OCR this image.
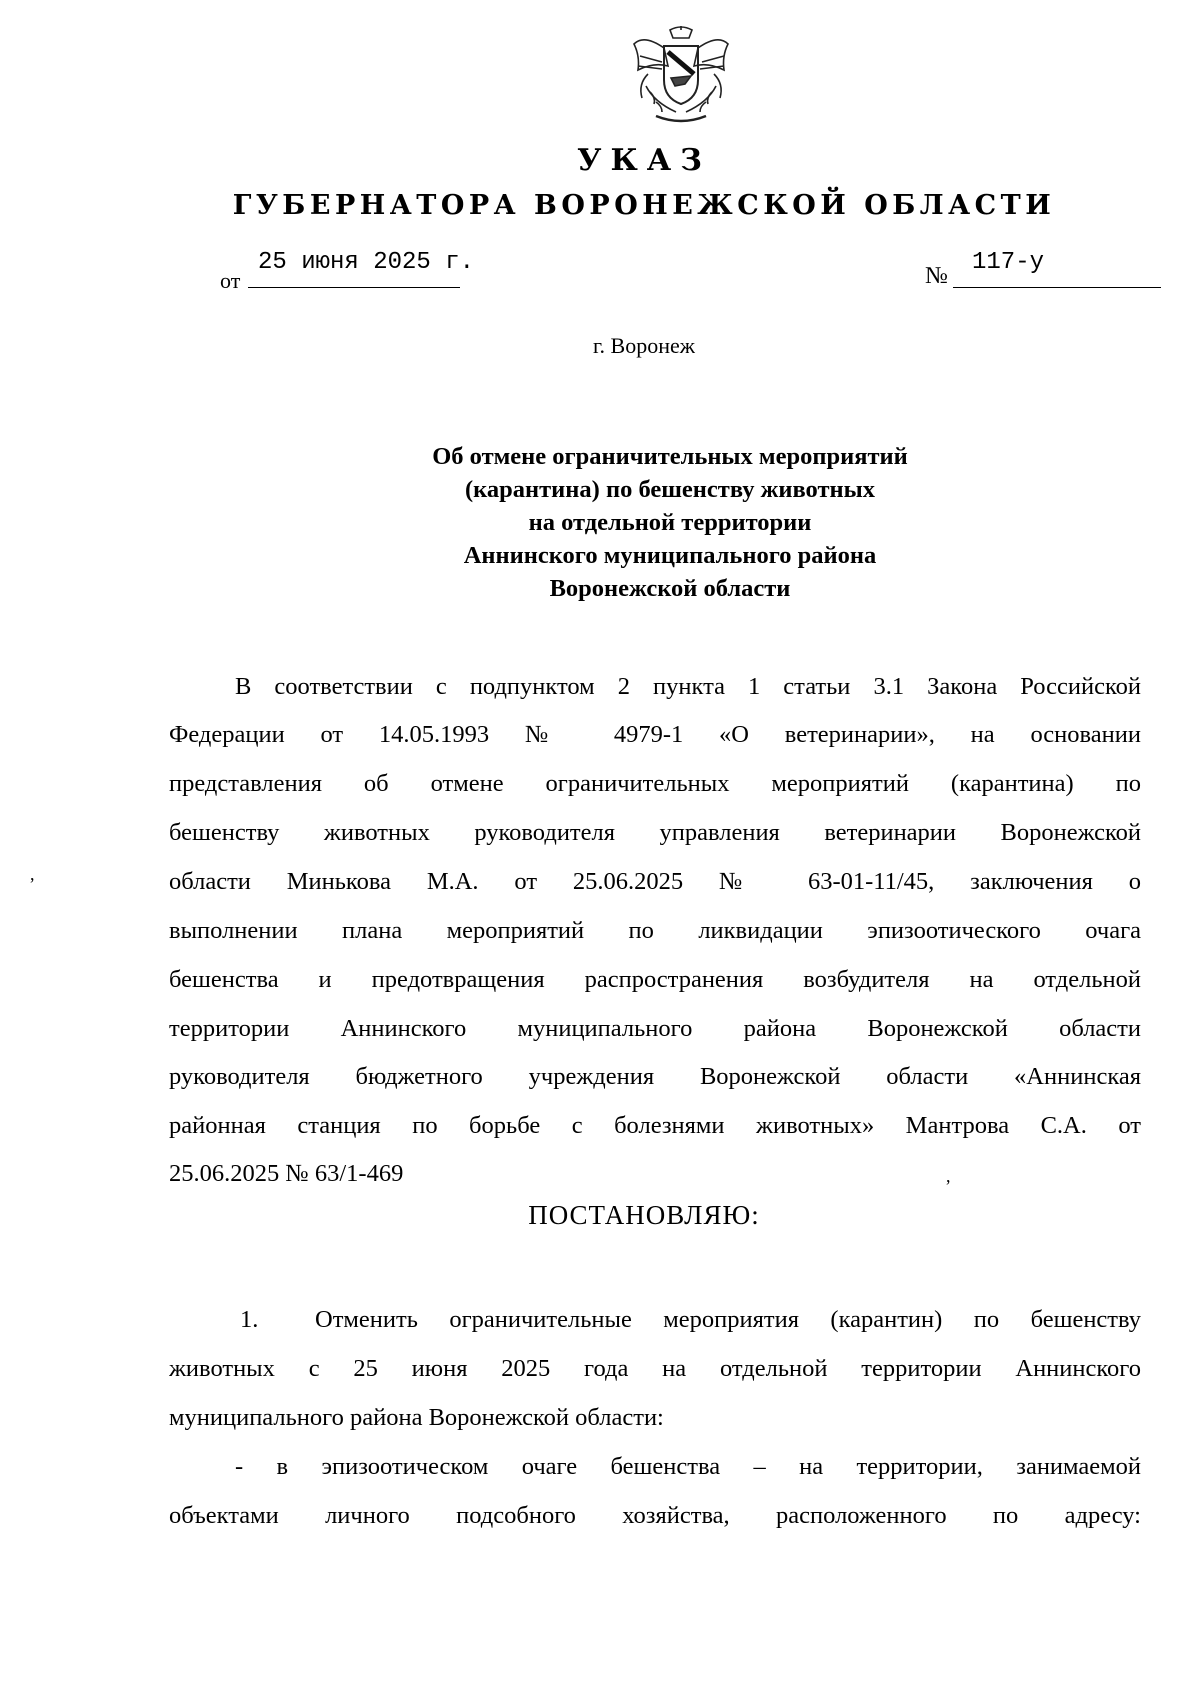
УКАЗ
ГУБЕРНАТОРА ВОРОНЕЖСКОЙ ОБЛАСТИ
от
25 июня 2025 г.	№ 117-у
г. Воронеж
Об отмене ограничительных мероприятий
(карантина) по бешенству животных
на отдельной территории
Аннинского муниципального района
Воронежской области
В соответствии с подпунктом 2 пункта 1 статьи 3.1 Закона Российской
Федерации от 14.05.1993 № 4979-1 «О ветеринарии», на основании
представления об отмене ограничительных мероприятий (карантина) по
бешенству животных руководителя управления ветеринарии Воронежской
области Минькова М.А. от 25.06.2025 № 63-01-11/45, заключения о
выполнении плана мероприятий по ликвидации эпизоотического очага
бешенства и предотвращения распространения возбудителя на отдельной
территории Аннинского муниципального района Воронежской области
руководителя бюджетного учреждения Воронежской области «Аннинская
районная станция по борьбе с болезнями животных» Мантрова С.А. от
25.06.2025 № 63/1-469
ПОСТАНОВЛЯЮ:
1. Отменить ограничительные мероприятия (карантин) по бешенству
животных с 25 июня 2025 года на отдельной территории Аннинского
муниципального района Воронежской области:
- в эпизоотическом очаге бешенства – на территории, занимаемой
объектами личного подсобного хозяйства, расположенного по адресу:
,
,
